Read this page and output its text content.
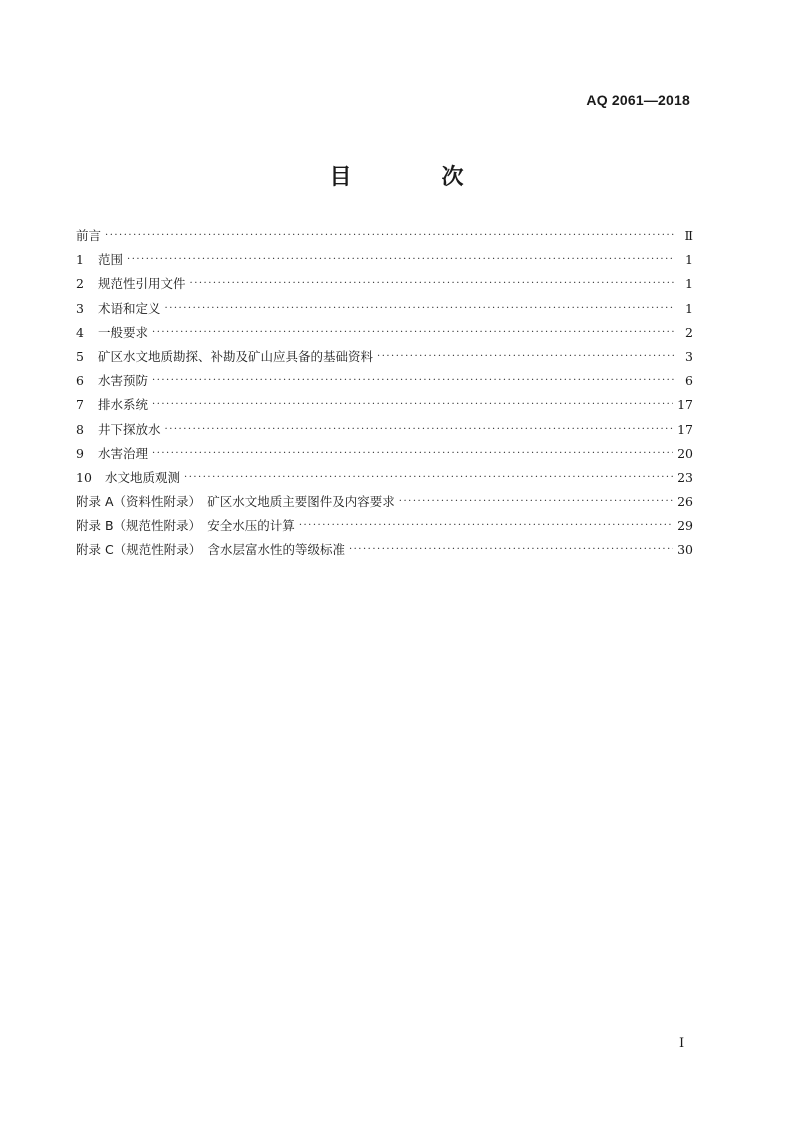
AQ 2061—2018
目　次
前言 ·····	Ⅱ
1	范围 ·····	1
2	规范性引用文件 ·····	1
3	术语和定义 ·····	1
4	一般要求 ·····	2
5	矿区水文地质勘探、补勘及矿山应具备的基础资料 ·····	3
6	水害预防 ·····	6
7	排水系统 ·····	17
8	井下探放水 ·····	17
9	水害治理 ·····	20
10	水文地质观测 ·····	23
附录 A（资料性附录）　矿区水文地质主要图件及内容要求 ·····	26
附录 B（规范性附录）　安全水压的计算 ·····	29
附录 C（规范性附录）　含水层富水性的等级标准 ·····	30
I
